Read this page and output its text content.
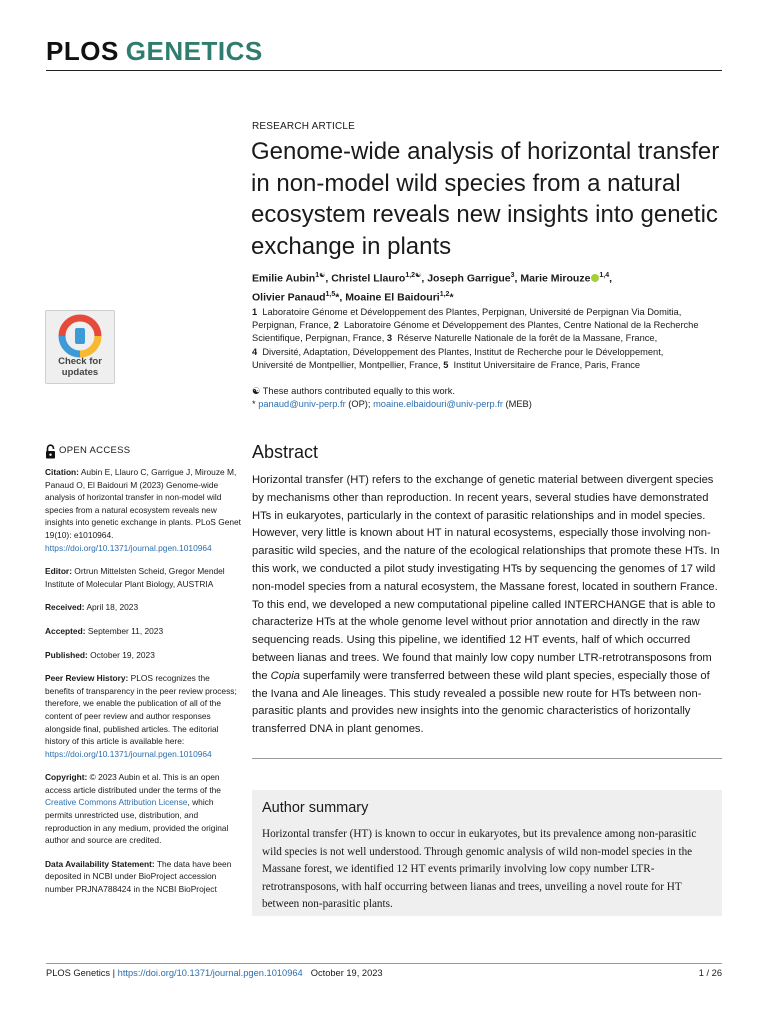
PLOS GENETICS
RESEARCH ARTICLE
Genome-wide analysis of horizontal transfer in non-model wild species from a natural ecosystem reveals new insights into genetic exchange in plants
Emilie Aubin$^{1☯}$, Christel Llauro$^{1,2☯}$, Joseph Garrigue$^3$, Marie Mirouze $^{1,4}$,
Olivier Panaud$^{1,5}$*, Moaine El Baidouri$^{1,2}$*
1 Laboratoire Génome et Développement des Plantes, Perpignan, Université de Perpignan Via Domitia, Perpignan, France, 2 Laboratoire Génome et Développement des Plantes, Centre National de la Recherche Scientifique, Perpignan, France, 3 Réserve Naturelle Nationale de la forêt de la Massane, France, 4 Diversité, Adaptation, Développement des Plantes, Institut de Recherche pour le Développement, Université de Montpellier, Montpellier, France, 5 Institut Universitaire de France, Paris, France
☯ These authors contributed equally to this work.
* panaud@univ-perp.fr (OP); moaine.elbaidouri@univ-perp.fr (MEB)
Check for
updates
OPEN ACCESS

Citation: Aubin E, Llauro C, Garrigue J, Mirouze M, Panaud O, El Baidouri M (2023) Genome-wide analysis of horizontal transfer in non-model wild species from a natural ecosystem reveals new insights into genetic exchange in plants. PLoS Genet 19(10): e1010964. https://doi.org/10.1371/journal.pgen.1010964

Editor: Ortrun Mittelsten Scheid, Gregor Mendel Institute of Molecular Plant Biology, AUSTRIA

Received: April 18, 2023

Accepted: September 11, 2023

Published: October 19, 2023

Peer Review History: PLOS recognizes the benefits of transparency in the peer review process; therefore, we enable the publication of all of the content of peer review and author responses alongside final, published articles. The editorial history of this article is available here: https://doi.org/10.1371/journal.pgen.1010964

Copyright: © 2023 Aubin et al. This is an open access article distributed under the terms of the Creative Commons Attribution License, which permits unrestricted use, distribution, and reproduction in any medium, provided the original author and source are credited.

Data Availability Statement: The data have been deposited in NCBI under BioProject accession number PRJNA788424 in the NCBI BioProject

Abstract
Horizontal transfer (HT) refers to the exchange of genetic material between divergent species by mechanisms other than reproduction. In recent years, several studies have demonstrated HTs in eukaryotes, particularly in the context of parasitic relationships and in model species. However, very little is known about HT in natural ecosystems, especially those involving non-parasitic wild species, and the nature of the ecological relationships that promote these HTs. In this work, we conducted a pilot study investigating HTs by sequencing the genomes of 17 wild non-model species from a natural ecosystem, the Massane forest, located in southern France. To this end, we developed a new computational pipeline called INTERCHANGE that is able to characterize HTs at the whole genome level without prior annotation and directly in the raw sequencing reads. Using this pipeline, we identified 12 HT events, half of which occurred between lianas and trees. We found that mainly low copy number LTR-retrotransposons from the Copia superfamily were transferred between these wild plant species, especially those of the Ivana and Ale lineages. This study revealed a possible new route for HTs between non-parasitic plants and provides new insights into the genomic characteristics of horizontally transferred DNA in plant genomes.
Author summary
Horizontal transfer (HT) is known to occur in eukaryotes, but its prevalence among non-parasitic wild species is not well understood. Through genomic analysis of wild non-model species in the Massane forest, we identified 12 HT events primarily involving low copy number LTR-retrotransposons, with half occurring between lianas and trees, unveiling a novel route for HT between non-parasitic plants.
PLOS Genetics | https://doi.org/10.1371/journal.pgen.1010964 October 19, 2023	1 / 26
